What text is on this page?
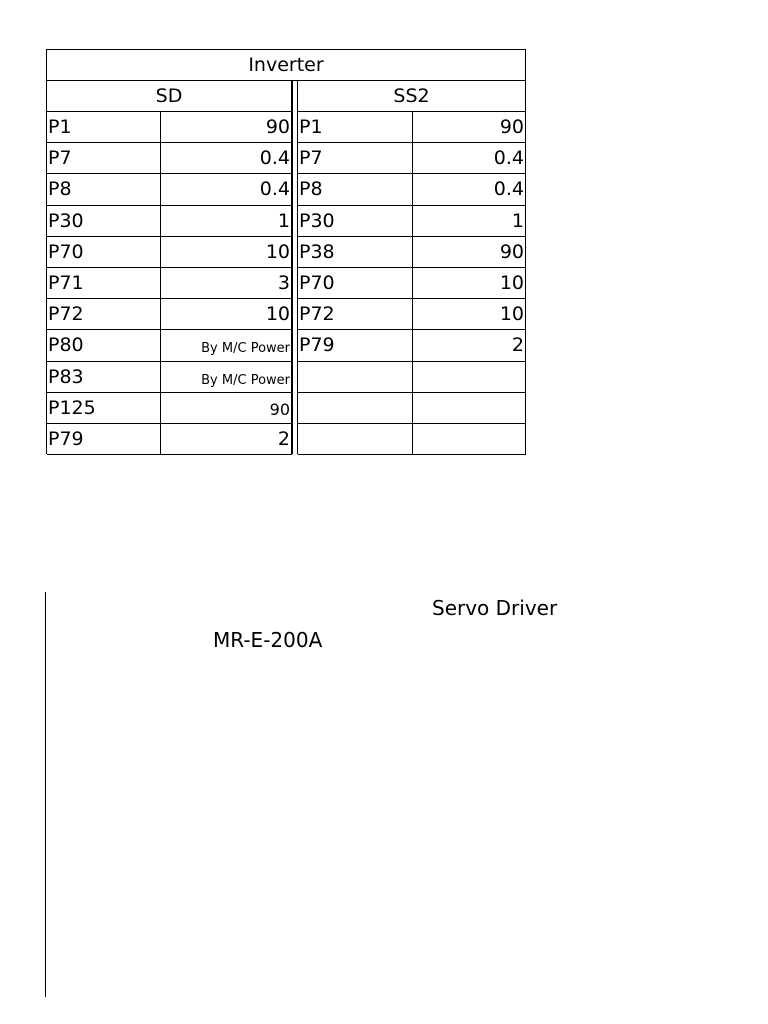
Inverter
SD	SS2
P1	90 P1	90
P7	0.4 P7	0.4
P8	0.4 P8	0.4
P30	1 P30	1
P70	10 P38	90
P71	3 P70	10
P72	10 P72	10
P80	By M/C Power P79	2
P83	By M/C Power
P125	90
P79	2
Servo Driver
MR-E-200A
